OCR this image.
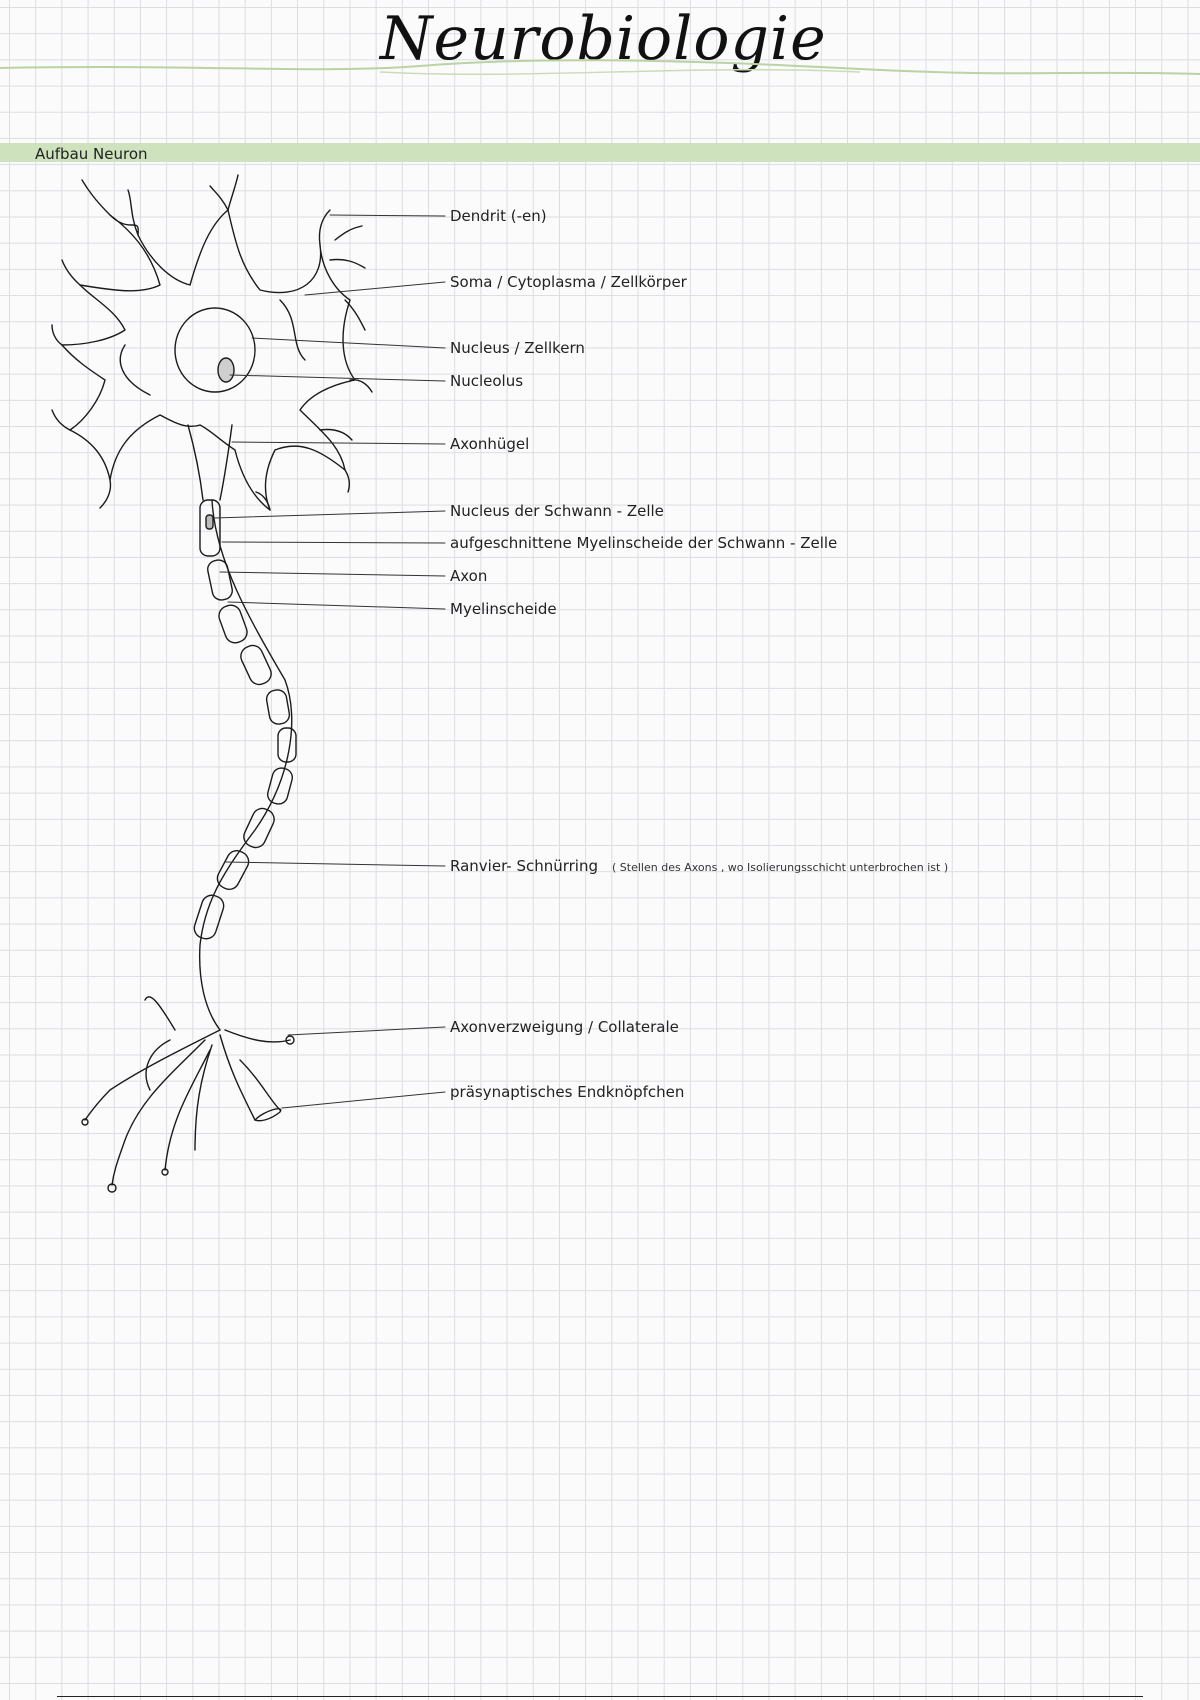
Neurobiologie
Aufbau Neuron
Dendrit (-en)
Soma / Cytoplasma / Zellkörper
Nucleus / Zellkern
Nucleolus
Axonhügel
Nucleus der Schwann - Zelle
aufgeschnittene Myelinscheide der Schwann - Zelle
Axon
Myelinscheide
Ranvier- Schnürring ( Stellen des Axons , wo Isolierungsschicht unterbrochen ist )
Axonverzweigung / Collaterale
präsynaptisches Endknöpfchen
